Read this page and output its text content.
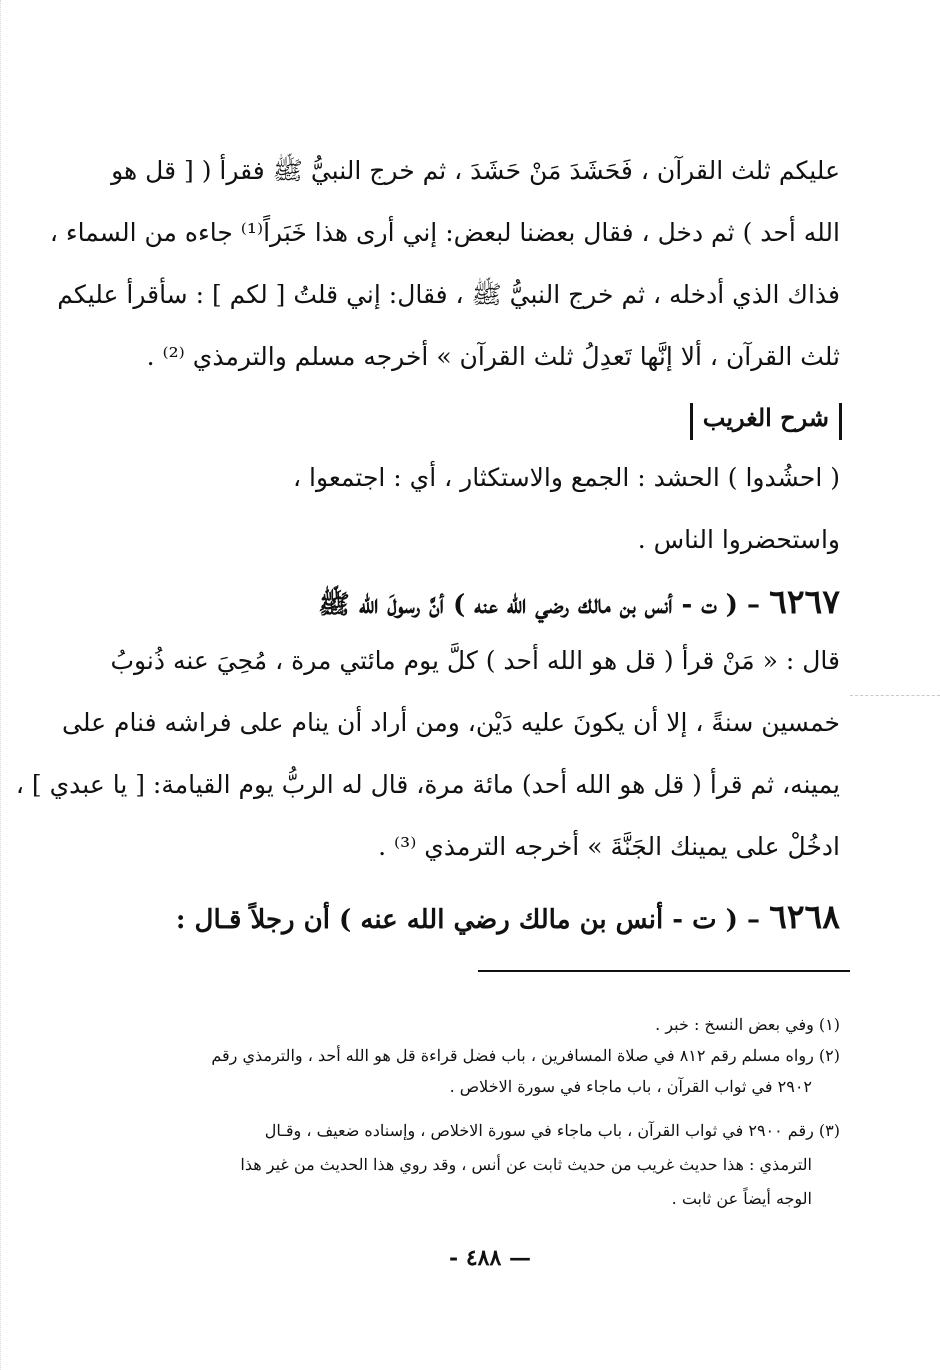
عليكم ثلث القرآن ، فَحَشَدَ مَنْ حَشَدَ ، ثم خرج النبيُّ ﷺ فقرأ ( [ قل هو
الله أحد ) ثم دخل ، فقال بعضنا لبعض: إني أرى هذا خَبَراً⁽¹⁾ جاءه من السماء ،
فذاك الذي أدخله ، ثم خرج النبيُّ ﷺ ، فقال: إني قلتُ [ لكم ] : سأقرأ عليكم
ثلث القرآن ، ألا إنَّها تَعدِلُ ثلث القرآن » أخرجه مسلم والترمذي ⁽²⁾ .
( احشُدوا ) الحشد : الجمع والاستكثار ، أي : اجتمعوا ،
واستحضروا الناس .
٦٢٦٧ – ( ت - أنس بن مالك رضي الله عنه ) أنَّ رسولَ الله ﷺ
قال : « مَنْ قرأ ( قل هو الله أحد ) كلَّ يوم مائتي مرة ، مُحِيَ عنه ذُنوبُ
خمسين سنةً ، إلا أن يكونَ عليه دَيْن، ومن أراد أن ينام على فراشه فنام على
يمينه، ثم قرأ ( قل هو الله أحد) مائة مرة، قال له الربُّ يوم القيامة: [ يا عبدي ] ،
ادخُلْ على يمينك الجَنَّةَ » أخرجه الترمذي ⁽³⁾ .
٦٢٦٨ – ( ت - أنس بن مالك رضي الله عنه ) أن رجلاً قـال :
شرح الغريب
(١) وفي بعض النسخ : خبر .
(٢) رواه مسلم رقم ٨١٢ في صلاة المسافرين ، باب فضل قراءة قل هو الله أحد ، والترمذي رقم
٢٩٠٢ في ثواب القرآن ، باب ماجاء في سورة الاخلاص .
(٣) رقم ٢٩٠٠ في ثواب القرآن ، باب ماجاء في سورة الاخلاص ، وإسناده ضعيف ، وقـال
الترمذي : هذا حديث غريب من حديث ثابت عن أنس ، وقد روي هذا الحديث من غير هذا
الوجه أيضاً عن ثابت .
— ٤٨٨ -
